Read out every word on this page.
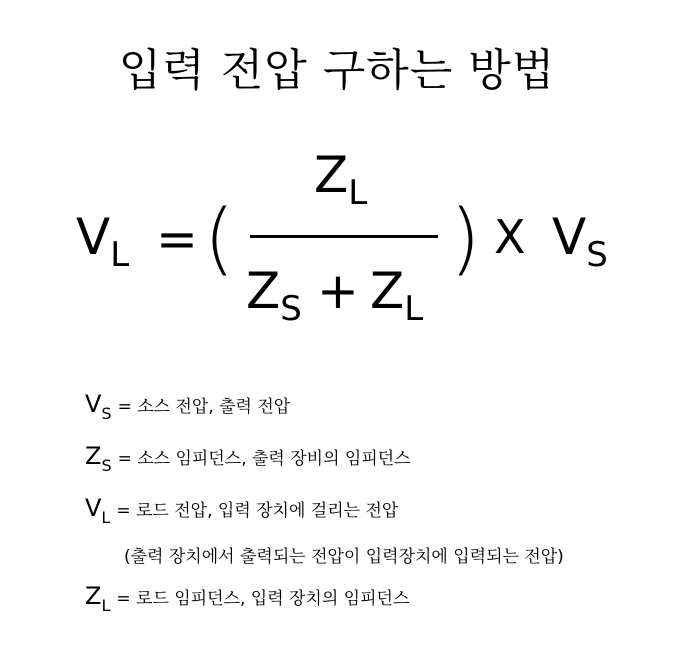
입력 전압 구하는 방법
VL = (
ZL
ZS + ZL
) X VS
VS = 소스 전압, 출력 전압
ZS = 소스 임피던스, 출력 장비의 임피던스
VL = 로드 전압, 입력 장치에 걸리는 전압
(출력 장치에서 출력되는 전압이 입력장치에 입력되는 전압)
ZL = 로드 임피던스, 입력 장치의 임피던스
